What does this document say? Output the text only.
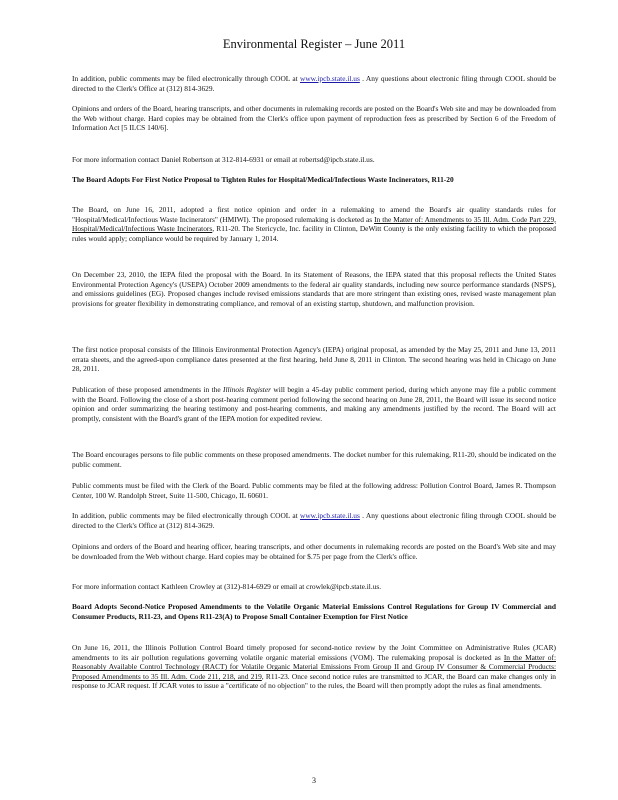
Environmental Register – June 2011

In addition, public comments may be filed electronically through COOL at www.ipcb.state.il.us . Any questions about electronic filing through COOL should be directed to the Clerk's Office at (312) 814-3629.

Opinions and orders of the Board, hearing transcripts, and other documents in rulemaking records are posted on the Board's Web site and may be downloaded from the Web without charge. Hard copies may be obtained from the Clerk's office upon payment of reproduction fees as prescribed by Section 6 of the Freedom of Information Act [5 ILCS 140/6].

For more information contact Daniel Robertson at 312-814-6931 or email at robertsd@ipcb.state.il.us.

The Board Adopts For First Notice Proposal to Tighten Rules for Hospital/Medical/Infectious Waste Incinerators, R11-20

The Board, on June 16, 2011, adopted a first notice opinion and order in a rulemaking to amend the Board's air quality standards rules for "Hospital/Medical/Infectious Waste Incinerators" (HMIWI). The proposed rulemaking is docketed as In the Matter of: Amendments to 35 Ill. Adm. Code Part 229, Hospital/Medical/Infectious Waste Incinerators, R11-20. The Stericycle, Inc. facility in Clinton, DeWitt County is the only existing facility to which the proposed rules would apply; compliance would be required by January 1, 2014.

On December 23, 2010, the IEPA filed the proposal with the Board. In its Statement of Reasons, the IEPA stated that this proposal reflects the United States Environmental Protection Agency's (USEPA) October 2009 amendments to the federal air quality standards, including new source performance standards (NSPS), and emissions guidelines (EG). Proposed changes include revised emissions standards that are more stringent than existing ones, revised waste management plan provisions for greater flexibility in demonstrating compliance, and removal of an existing startup, shutdown, and malfunction provision.

The first notice proposal consists of the Illinois Environmental Protection Agency's (IEPA) original proposal, as amended by the May 25, 2011 and June 13, 2011 errata sheets, and the agreed-upon compliance dates presented at the first hearing, held June 8, 2011 in Clinton. The second hearing was held in Chicago on June 28, 2011.

Publication of these proposed amendments in the Illinois Register will begin a 45-day public comment period, during which anyone may file a public comment with the Board. Following the close of a short post-hearing comment period following the second hearing on June 28, 2011, the Board will issue its second notice opinion and order summarizing the hearing testimony and post-hearing comments, and making any amendments justified by the record. The Board will act promptly, consistent with the Board's grant of the IEPA motion for expedited review.

The Board encourages persons to file public comments on these proposed amendments. The docket number for this rulemaking, R11-20, should be indicated on the public comment.

Public comments must be filed with the Clerk of the Board. Public comments may be filed at the following address: Pollution Control Board, James R. Thompson Center, 100 W. Randolph Street, Suite 11-500, Chicago, IL 60601.

In addition, public comments may be filed electronically through COOL at www.ipcb.state.il.us . Any questions about electronic filing through COOL should be directed to the Clerk's Office at (312) 814-3629.

Opinions and orders of the Board and hearing officer, hearing transcripts, and other documents in rulemaking records are posted on the Board's Web site and may be downloaded from the Web without charge. Hard copies may be obtained for $.75 per page from the Clerk's office.

For more information contact Kathleen Crowley at (312)-814-6929 or email at crowlek@ipcb.state.il.us.

Board Adopts Second-Notice Proposed Amendments to the Volatile Organic Material Emissions Control Regulations for Group IV Commercial and Consumer Products, R11-23, and Opens R11-23(A) to Propose Small Container Exemption for First Notice

On June 16, 2011, the Illinois Pollution Control Board timely proposed for second-notice review by the Joint Committee on Administrative Rules (JCAR) amendments to its air pollution regulations governing volatile organic material emissions (VOM). The rulemaking proposal is docketed as In the Matter of: Reasonably Available Control Technology (RACT) for Volatile Organic Material Emissions From Group II and Group IV Consumer & Commercial Products: Proposed Amendments to 35 Ill. Adm. Code 211, 218, and 219, R11-23. Once second notice rules are transmitted to JCAR, the Board can make changes only in response to JCAR request. If JCAR votes to issue a "certificate of no objection" to the rules, the Board will then promptly adopt the rules as final amendments.

3
